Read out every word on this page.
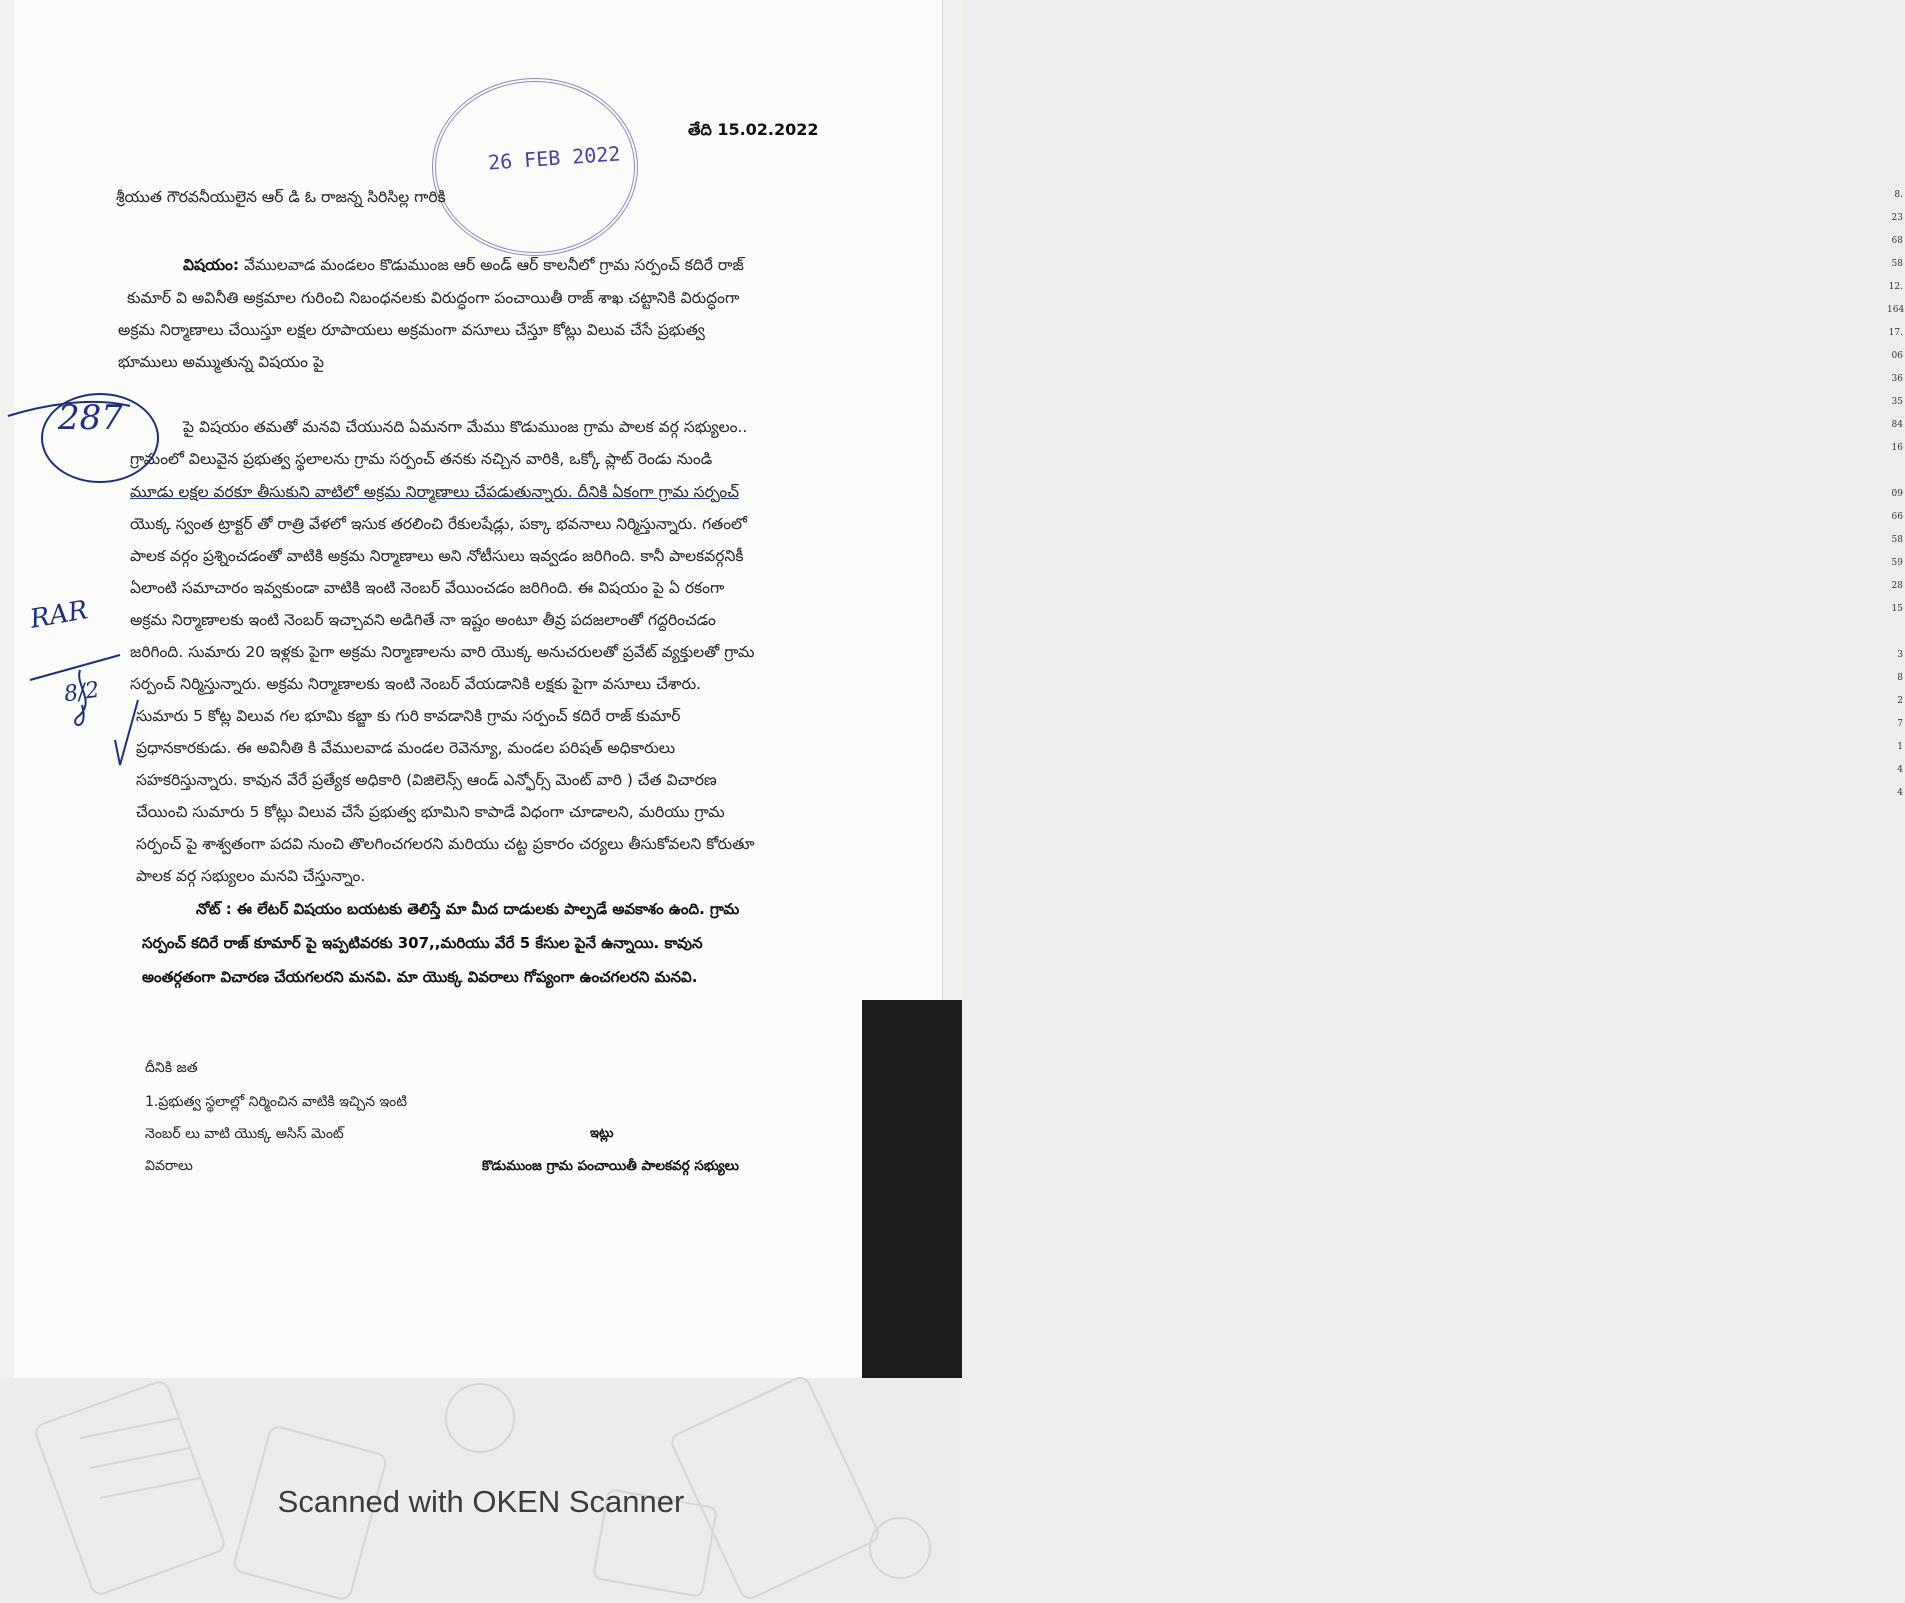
8.
23
68
58
12.
164
17.
06
36
35
84
16
09
66
58
59
28
15
3
8
2
7
1
4
4
26 FEB 2022
తేది 15.02.2022
శ్రీయుత గౌరవనీయులైన ఆర్ డి ఓ రాజన్న సిరిసిల్ల గారికి
విషయం: వేములవాడ మండలం కొడుముంజ ఆర్ అండ్ ఆర్ కాలనీలో గ్రామ సర్పంచ్ కదిరే రాజ్
కుమార్ వి అవినీతి అక్రమాల గురించి నిబంధనలకు విరుద్ధంగా పంచాయితీ రాజ్ శాఖ చట్టానికి విరుద్ధంగా
అక్రమ నిర్మాణాలు చేయిస్తూ లక్షల రూపాయలు అక్రమంగా వసూలు చేస్తూ కోట్లు విలువ చేసే ప్రభుత్వ
భూములు అమ్ముతున్న విషయం పై
287	పై విషయం తమతో మనవి చేయునది ఏమనగా మేము కొడుముంజ గ్రామ పాలక వర్గ సభ్యులం..
గ్రామంలో విలువైన ప్రభుత్వ స్థలాలను గ్రామ సర్పంచ్ తనకు నచ్చిన వారికి, ఒక్కో ప్లాట్ రెండు నుండి
మూడు లక్షల వరకూ తీసుకుని వాటిలో అక్రమ నిర్మాణాలు చేపడుతున్నారు. దీనికి ఏకంగా గ్రామ సర్పంచ్
యొక్క స్వంత ట్రాక్టర్ తో రాత్రి వేళలో ఇసుక తరలించి రేకులషేడ్లు, పక్కా భవనాలు నిర్మిస్తున్నారు. గతంలో
పాలక వర్గం ప్రశ్నించడంతో వాటికి అక్రమ నిర్మాణాలు అని నోటీసులు ఇవ్వడం జరిగింది. కానీ పాలకవర్గనికీ
ఏలాంటి సమాచారం ఇవ్వకుండా వాటికి ఇంటి నెంబర్ వేయించడం జరిగింది. ఈ విషయం పై ఏ రకంగా
అక్రమ నిర్మాణాలకు ఇంటి నెంబర్ ఇచ్చావని అడిగితే నా ఇష్టం అంటూ తీవ్ర పదజలాంతో గద్దరించడం
జరిగింది. సుమారు 20 ఇళ్లకు పైగా అక్రమ నిర్మాణాలను వారి యొక్క అనుచరులతో ప్రవేట్ వ్యక్తులతో గ్రామ
సర్పంచ్ నిర్మిస్తున్నారు. అక్రమ నిర్మాణాలకు ఇంటి నెంబర్ వేయడానికి లక్షకు పైగా వసూలు చేశారు.
సుమారు 5 కోట్ల విలువ గల భూమి కబ్జా కు గురి కావడానికి గ్రామ సర్పంచ్ కదిరే రాజ్ కుమార్
ప్రధానకారకుడు. ఈ అవినీతి కి వేములవాడ మండల రెవెన్యూ, మండల పరిషత్ అధికారులు
సహకరిస్తున్నారు. కావున వేరే ప్రత్యేక అధికారి (విజిలెన్స్ ఆండ్ ఎన్ఫోర్స్ మెంట్ వారి ) చేత విచారణ
చేయించి సుమారు 5 కోట్లు విలువ చేసే ప్రభుత్వ భూమిని కాపాడే విధంగా చూడాలని, మరియు గ్రామ
సర్పంచ్ పై శాశ్వతంగా పదవి నుంచి తొలగించగలరని మరియు చట్ట ప్రకారం చర్యలు తీసుకోవలని కోరుతూ
పాలక వర్గ సభ్యులం మనవి చేస్తున్నాం.
RAR
8/2
నోట్ : ఈ లేటర్ విషయం బయటకు తెలిస్తే మా మీద దాడులకు పాల్పడే అవకాశం ఉంది. గ్రామ
సర్పంచ్ కదిరే రాజ్ కూమార్ పై ఇప్పటివరకు 307,,మరియు వేరే 5 కేసుల పైనే ఉన్నాయి. కావున
అంతర్గతంగా విచారణ చేయగలరని మనవి. మా యొక్క వివరాలు గోప్యంగా ఉంచగలరని మనవి.
దీనికి జత
1.ప్రభుత్వ స్థలాల్లో నిర్మించిన వాటికి ఇచ్చిన ఇంటి
నెంబర్ లు వాటి యొక్క అసిస్ మెంట్
వివరాలు
ఇట్లు
కొడుముంజ గ్రామ పంచాయితీ పాలకవర్గ సభ్యులు
Scanned with OKEN Scanner
